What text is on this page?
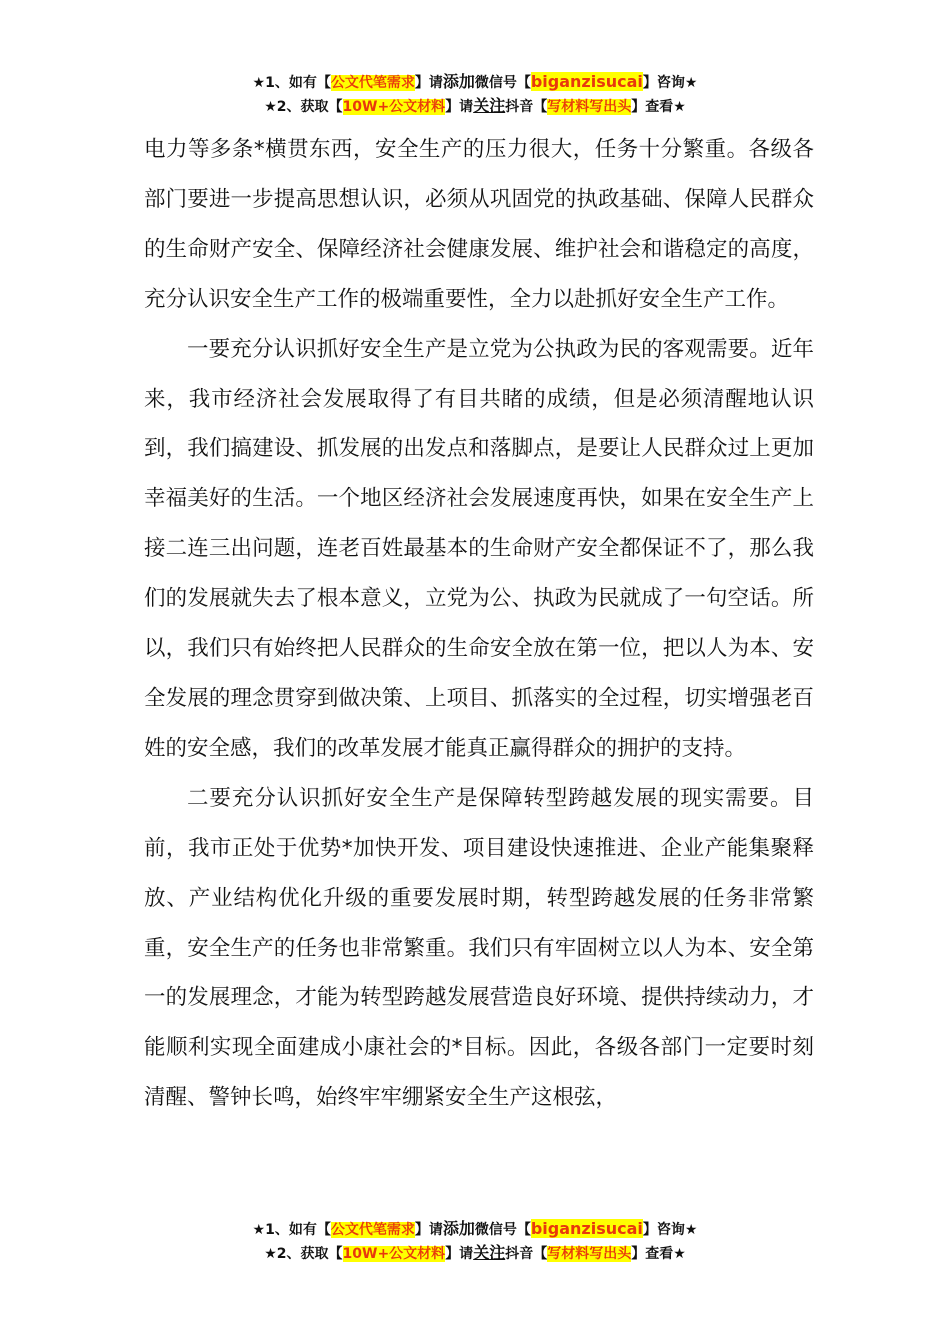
★1、如有【公文代笔需求】请添加微信号【biganzisucai】咨询★
★2、获取【10W+公文材料】请关注抖音【写材料写出头】查看★

电力等多条*横贯东西，安全生产的压力很大，任务十分繁重。各级各部门要进一步提高思想认识，必须从巩固党的执政基础、保障人民群众的生命财产安全、保障经济社会健康发展、维护社会和谐稳定的高度，充分认识安全生产工作的极端重要性，全力以赴抓好安全生产工作。

一要充分认识抓好安全生产是立党为公执政为民的客观需要。近年来，我市经济社会发展取得了有目共睹的成绩，但是必须清醒地认识到，我们搞建设、抓发展的出发点和落脚点，是要让人民群众过上更加幸福美好的生活。一个地区经济社会发展速度再快，如果在安全生产上接二连三出问题，连老百姓最基本的生命财产安全都保证不了，那么我们的发展就失去了根本意义，立党为公、执政为民就成了一句空话。所以，我们只有始终把人民群众的生命安全放在第一位，把以人为本、安全发展的理念贯穿到做决策、上项目、抓落实的全过程，切实增强老百姓的安全感，我们的改革发展才能真正赢得群众的拥护的支持。

二要充分认识抓好安全生产是保障转型跨越发展的现实需要。目前，我市正处于优势*加快开发、项目建设快速推进、企业产能集聚释放、产业结构优化升级的重要发展时期，转型跨越发展的任务非常繁重，安全生产的任务也非常繁重。我们只有牢固树立以人为本、安全第一的发展理念，才能为转型跨越发展营造良好环境、提供持续动力，才能顺利实现全面建成小康社会的*目标。因此，各级各部门一定要时刻清醒、警钟长鸣，始终牢牢绷紧安全生产这根弦，

★1、如有【公文代笔需求】请添加微信号【biganzisucai】咨询★
★2、获取【10W+公文材料】请关注抖音【写材料写出头】查看★
